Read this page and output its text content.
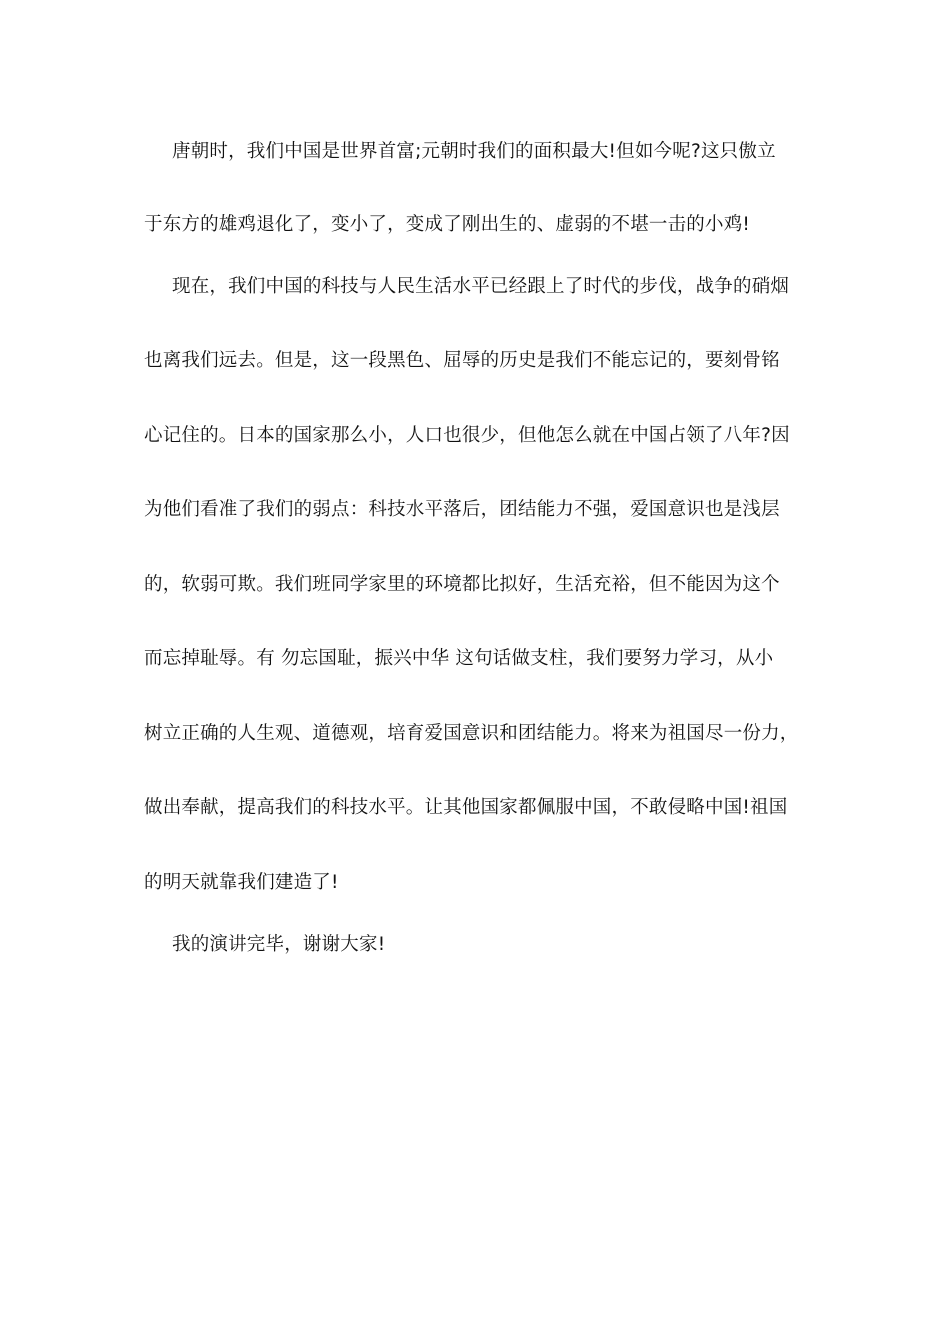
唐朝时，我们中国是世界首富;元朝时我们的面积最大!但如今呢?这只傲立
于东方的雄鸡退化了，变小了，变成了刚出生的、虚弱的不堪一击的小鸡!
现在，我们中国的科技与人民生活水平已经跟上了时代的步伐，战争的硝烟
也离我们远去。但是，这一段黑色、屈辱的历史是我们不能忘记的，要刻骨铭
心记住的。日本的国家那么小，人口也很少，但他怎么就在中国占领了八年?因
为他们看准了我们的弱点：科技水平落后，团结能力不强，爱国意识也是浅层
的，软弱可欺。我们班同学家里的环境都比拟好，生活充裕，但不能因为这个
而忘掉耻辱。有 勿忘国耻，振兴中华 这句话做支柱，我们要努力学习，从小
树立正确的人生观、道德观，培育爱国意识和团结能力。将来为祖国尽一份力，
做出奉献，提高我们的科技水平。让其他国家都佩服中国，不敢侵略中国!祖国
的明天就靠我们建造了!
我的演讲完毕，谢谢大家!
